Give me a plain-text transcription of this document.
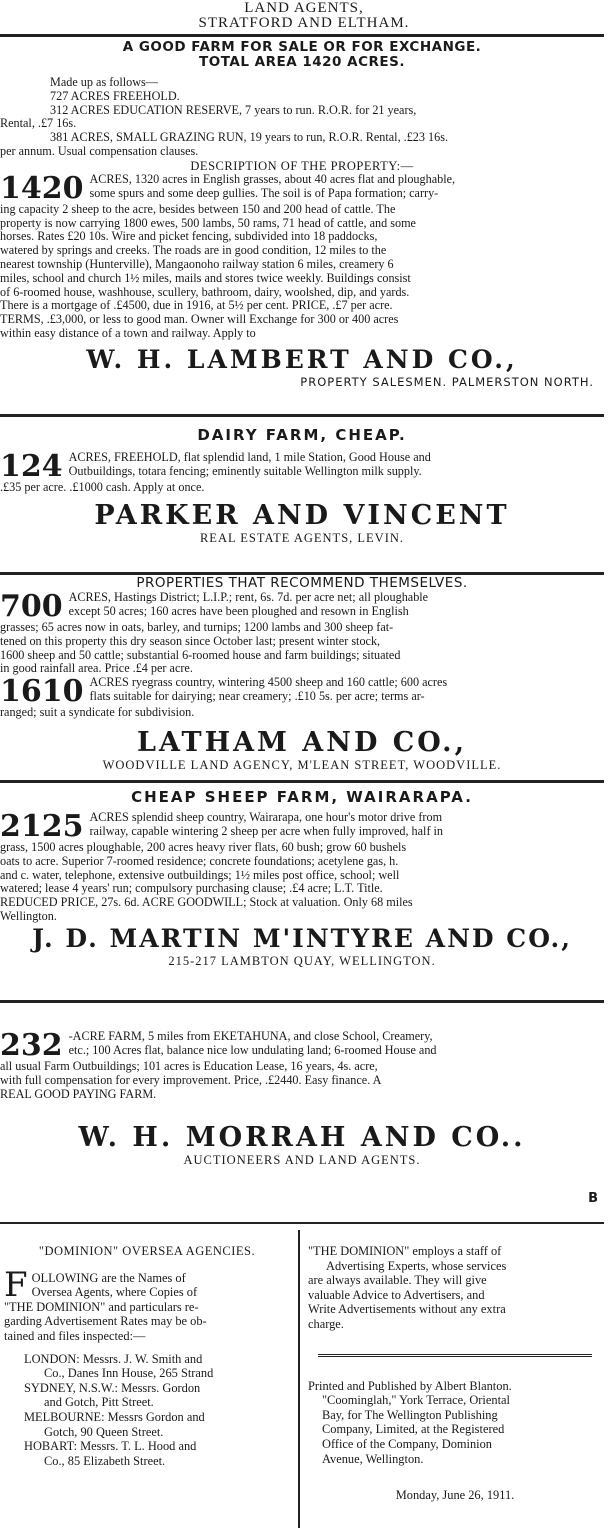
LAND AGENTS,
STRATFORD AND ELTHAM.
A GOOD FARM FOR SALE OR FOR EXCHANGE.
TOTAL AREA 1420 ACRES.
Made up as follows—
727 ACRES FREEHOLD.
312 ACRES EDUCATION RESERVE, 7 years to run. R.O.R. for 21 years,
Rental, .£7 16s.
381 ACRES, SMALL GRAZING RUN, 19 years to run, R.O.R. Rental, .£23 16s.
per annum. Usual compensation clauses.
DESCRIPTION OF THE PROPERTY:—
1420 ACRES, 1320 acres in English grasses, about 40 acres flat and ploughable,
some spurs and some deep gullies. The soil is of Papa formation; carry-
ing capacity 2 sheep to the acre, besides between 150 and 200 head of cattle. The
property is now carrying 1800 ewes, 500 lambs, 50 rams, 71 head of cattle, and some
horses. Rates £20 10s. Wire and picket fencing, subdivided into 18 paddocks,
watered by springs and creeks. The roads are in good condition, 12 miles to the
nearest township (Hunterville), Mangaonoho railway station 6 miles, creamery 6
miles, school and church 1½ miles, mails and stores twice weekly. Buildings consist
of 6-roomed house, washhouse, scullery, bathroom, dairy, woolshed, dip, and yards.
There is a mortgage of .£4500, due in 1916, at 5½ per cent. PRICE, .£7 per acre.
TERMS, .£3,000, or less to good man. Owner will Exchange for 300 or 400 acres
within easy distance of a town and railway. Apply to
W. H. LAMBERT AND CO.,
PROPERTY SALESMEN. PALMERSTON NORTH.
DAIRY FARM, CHEAP.
124 ACRES, FREEHOLD, flat splendid land, 1 mile Station, Good House and
Outbuildings, totara fencing; eminently suitable Wellington milk supply.
.£35 per acre. .£1000 cash. Apply at once.
PARKER AND VINCENT
REAL ESTATE AGENTS, LEVIN.
PROPERTIES THAT RECOMMEND THEMSELVES.
700 ACRES, Hastings District; L.I.P.; rent, 6s. 7d. per acre net; all ploughable
except 50 acres; 160 acres have been ploughed and resown in English
grasses; 65 acres now in oats, barley, and turnips; 1200 lambs and 300 sheep fat-
tened on this property this dry season since October last; present winter stock,
1600 sheep and 50 cattle; substantial 6-roomed house and farm buildings; situated
in good rainfall area. Price .£4 per acre.
1610 ACRES ryegrass country, wintering 4500 sheep and 160 cattle; 600 acres
flats suitable for dairying; near creamery; .£10 5s. per acre; terms ar-
ranged; suit a syndicate for subdivision.
LATHAM AND CO.,
WOODVILLE LAND AGENCY, M'LEAN STREET, WOODVILLE.
CHEAP SHEEP FARM, WAIRARAPA.
2125 ACRES splendid sheep country, Wairarapa, one hour's motor drive from
railway, capable wintering 2 sheep per acre when fully improved, half in
grass, 1500 acres ploughable, 200 acres heavy river flats, 60 bush; grow 60 bushels
oats to acre. Superior 7-roomed residence; concrete foundations; acetylene gas, h.
and c. water, telephone, extensive outbuildings; 1½ miles post office, school; well
watered; lease 4 years' run; compulsory purchasing clause; .£4 acre; L.T. Title.
REDUCED PRICE, 27s. 6d. ACRE GOODWILL; Stock at valuation. Only 68 miles
Wellington.
J. D. MARTIN M'INTYRE AND CO.,
215-217 LAMBTON QUAY, WELLINGTON.
232 -ACRE FARM, 5 miles from EKETAHUNA, and close School, Creamery,
etc.; 100 Acres flat, balance nice low undulating land; 6-roomed House and
all usual Farm Outbuildings; 101 acres is Education Lease, 16 years, 4s. acre,
with full compensation for every improvement. Price, .£2440. Easy finance. A
REAL GOOD PAYING FARM.
W. H. MORRAH AND CO..
AUCTIONEERS AND LAND AGENTS.
B
"DOMINION" OVERSEA AGENCIES.
F OLLOWING are the Names of
Oversea Agents, where Copies of
"THE DOMINION" and particulars re-
garding Advertisement Rates may be ob-
tained and files inspected:—
LONDON: Messrs. J. W. Smith and
Co., Danes Inn House, 265 Strand
SYDNEY, N.S.W.: Messrs. Gordon
and Gotch, Pitt Street.
MELBOURNE: Messrs Gordon and
Gotch, 90 Queen Street.
HOBART: Messrs. T. L. Hood and
Co., 85 Elizabeth Street.
"THE DOMINION" employs a staff of
Advertising Experts, whose services
are always available. They will give
valuable Advice to Advertisers, and
Write Advertisements without any extra
charge.
Printed and Published by Albert Blanton.
"Coominglah," York Terrace, Oriental
Bay, for The Wellington Publishing
Company, Limited, at the Registered
Office of the Company, Dominion
Avenue, Wellington.
Monday, June 26, 1911.
